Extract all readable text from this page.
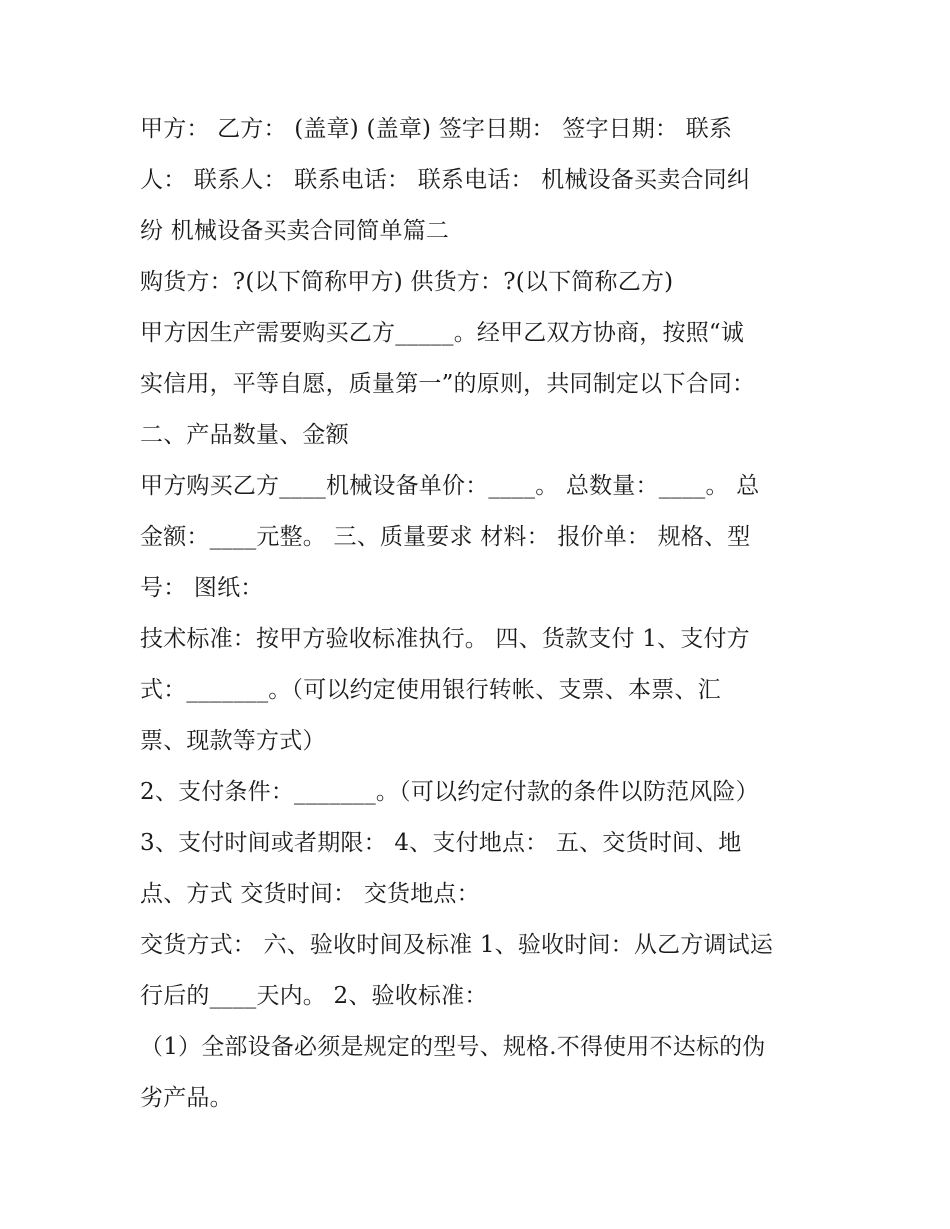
甲方： 乙方： (盖章) (盖章) 签字日期： 签字日期： 联系
人： 联系人： 联系电话： 联系电话： 机械设备买卖合同纠
纷 机械设备买卖合同简单篇二
购货方：?(以下简称甲方) 供货方：?(以下简称乙方)
甲方因生产需要购买乙方_____。经甲乙双方协商，按照“诚
实信用，平等自愿，质量第一”的原则，共同制定以下合同：
二、产品数量、金额
甲方购买乙方____机械设备单价：____。 总数量：____。 总
金额：____元整。 三、质量要求 材料： 报价单： 规格、型
号： 图纸：
技术标准：按甲方验收标准执行。 四、货款支付 1、支付方
式：_______。（可以约定使用银行转帐、支票、本票、汇
票、现款等方式）
2、支付条件：_______。（可以约定付款的条件以防范风险）
3、支付时间或者期限： 4、支付地点： 五、交货时间、地
点、方式 交货时间： 交货地点：
交货方式： 六、验收时间及标准 1、验收时间：从乙方调试运
行后的____天内。 2、验收标准：
（1）全部设备必须是规定的型号、规格.不得使用不达标的伪
劣产品。
